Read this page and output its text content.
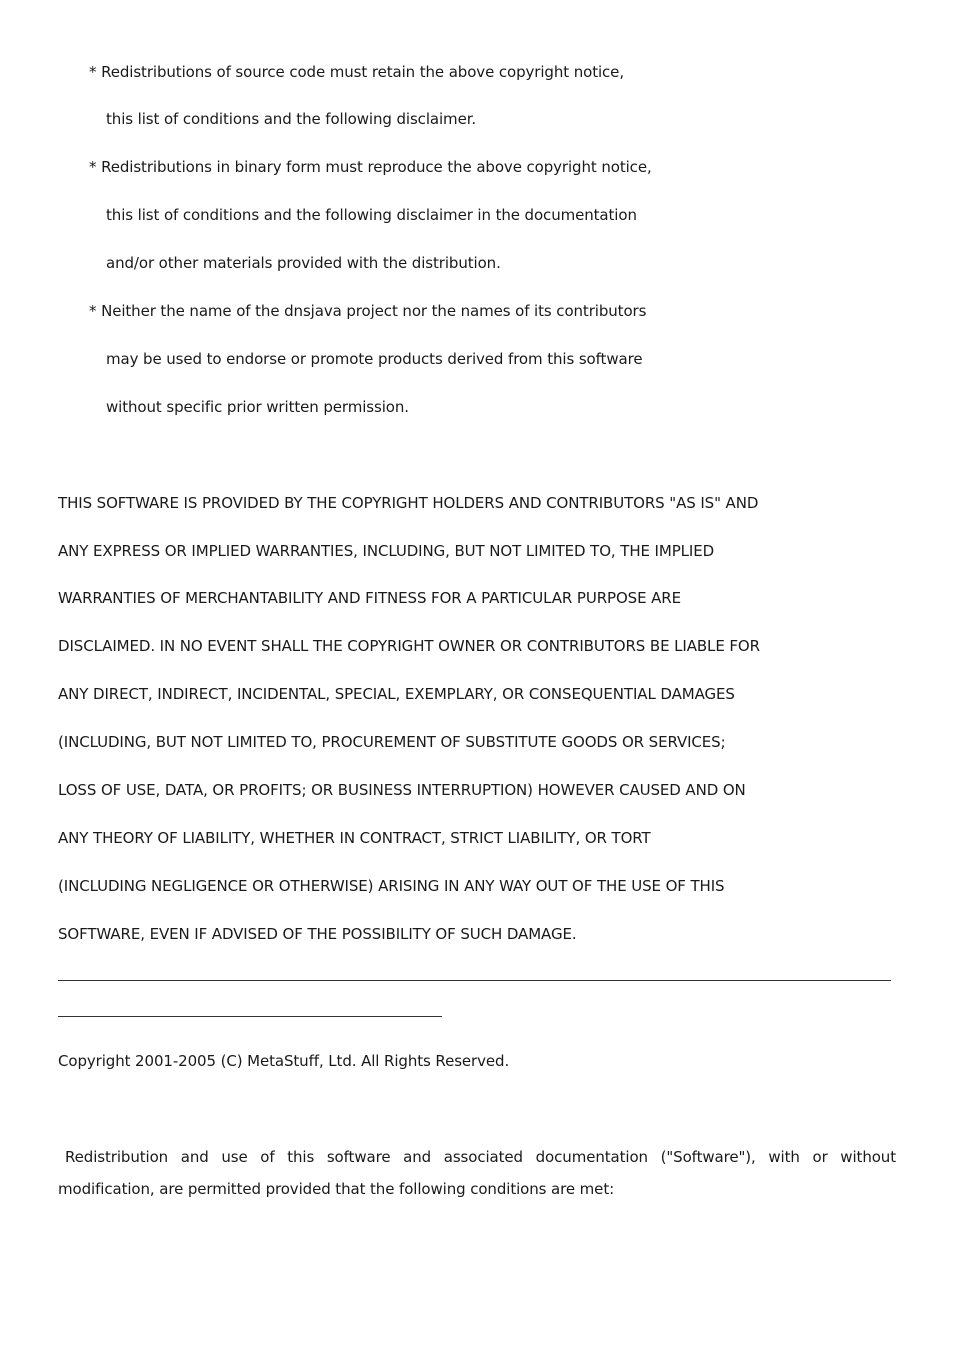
* Redistributions of source code must retain the above copyright notice,
this list of conditions and the following disclaimer.
* Redistributions in binary form must reproduce the above copyright notice,
this list of conditions and the following disclaimer in the documentation
and/or other materials provided with the distribution.
* Neither the name of the dnsjava project nor the names of its contributors
may be used to endorse or promote products derived from this software
without specific prior written permission.
THIS SOFTWARE IS PROVIDED BY THE COPYRIGHT HOLDERS AND CONTRIBUTORS "AS IS" AND
ANY EXPRESS OR IMPLIED WARRANTIES, INCLUDING, BUT NOT LIMITED TO, THE IMPLIED
WARRANTIES OF MERCHANTABILITY AND FITNESS FOR A PARTICULAR PURPOSE ARE
DISCLAIMED. IN NO EVENT SHALL THE COPYRIGHT OWNER OR CONTRIBUTORS BE LIABLE FOR
ANY DIRECT, INDIRECT, INCIDENTAL, SPECIAL, EXEMPLARY, OR CONSEQUENTIAL DAMAGES
(INCLUDING, BUT NOT LIMITED TO, PROCUREMENT OF SUBSTITUTE GOODS OR SERVICES;
LOSS OF USE, DATA, OR PROFITS; OR BUSINESS INTERRUPTION) HOWEVER CAUSED AND ON
ANY THEORY OF LIABILITY, WHETHER IN CONTRACT, STRICT LIABILITY, OR TORT
(INCLUDING NEGLIGENCE OR OTHERWISE) ARISING IN ANY WAY OUT OF THE USE OF THIS
SOFTWARE, EVEN IF ADVISED OF THE POSSIBILITY OF SUCH DAMAGE.
Copyright 2001-2005 (C) MetaStuff, Ltd. All Rights Reserved.
Redistribution and use of this software and associated documentation ("Software"), with or without modification, are permitted provided that the following conditions are met:
